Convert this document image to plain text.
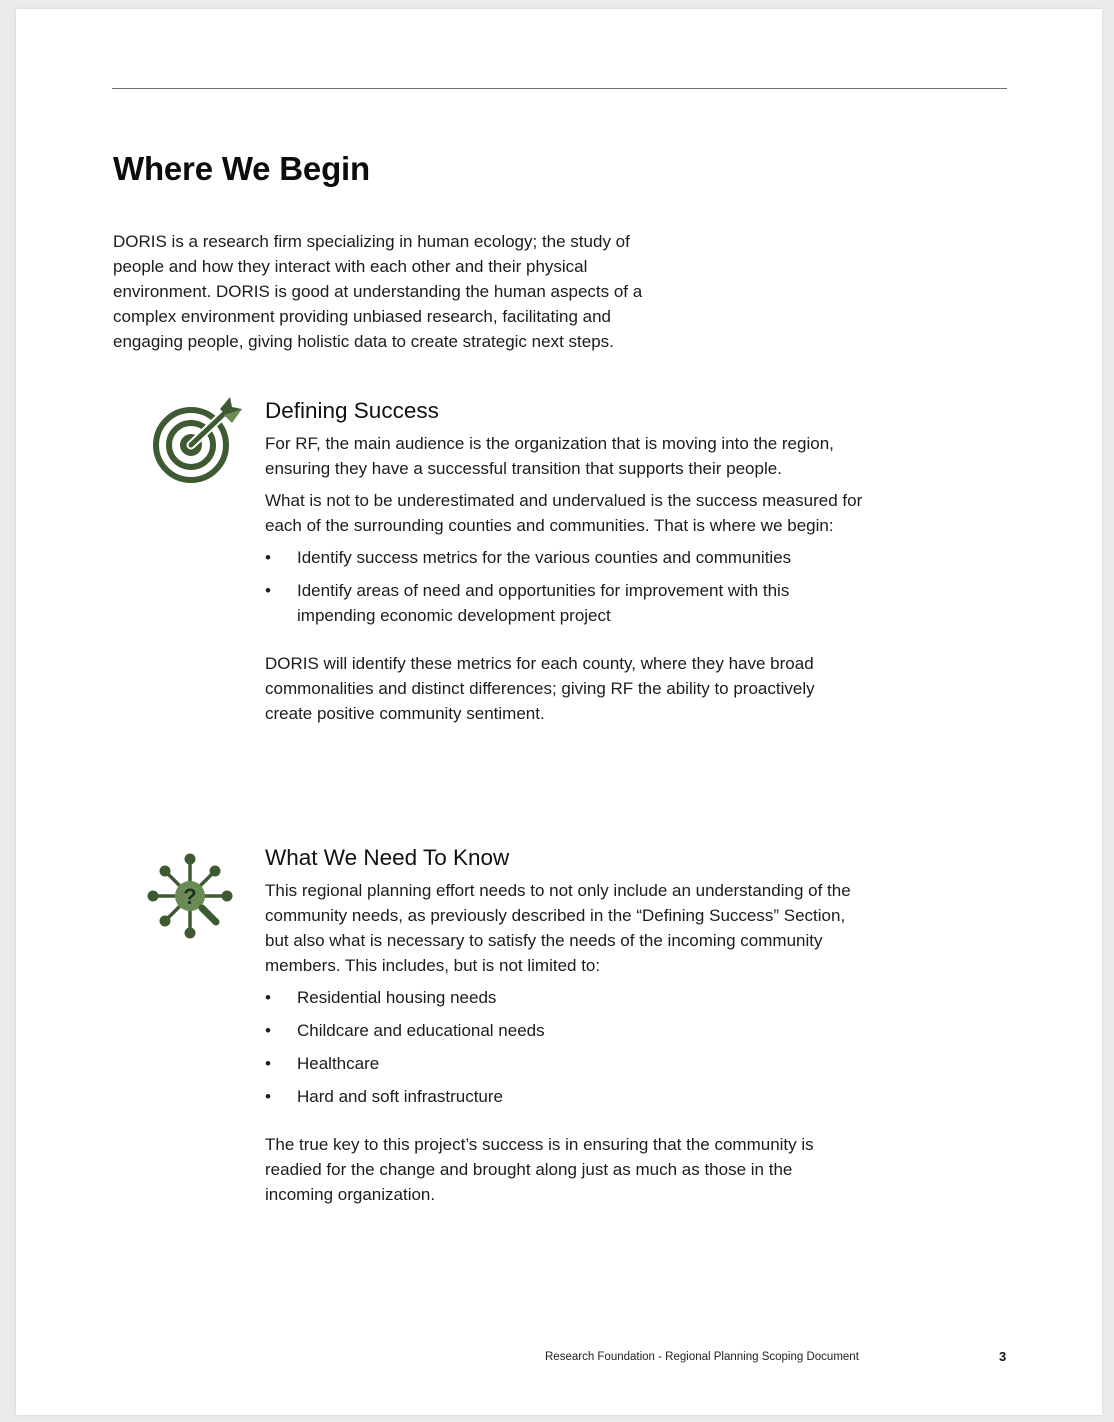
Where We Begin

DORIS is a research firm specializing in human ecology; the study of people and how they interact with each other and their physical environment. DORIS is good at understanding the human aspects of a complex environment providing unbiased research, facilitating and engaging people, giving holistic data to create strategic next steps.

Defining Success

For RF, the main audience is the organization that is moving into the region, ensuring they have a successful transition that supports their people.

What is not to be underestimated and undervalued is the success measured for each of the surrounding counties and communities. That is where we begin:

• Identify success metrics for the various counties and communities
• Identify areas of need and opportunities for improvement with this impending economic development project

DORIS will identify these metrics for each county, where they have broad commonalities and distinct differences; giving RF the ability to proactively create positive community sentiment.

?
What We Need To Know

This regional planning effort needs to not only include an understanding of the community needs, as previously described in the “Defining Success” Section, but also what is necessary to satisfy the needs of the incoming community members. This includes, but is not limited to:

• Residential housing needs
• Childcare and educational needs
• Healthcare
• Hard and soft infrastructure

The true key to this project’s success is in ensuring that the community is readied for the change and brought along just as much as those in the incoming organization.

Research Foundation - Regional Planning Scoping Document	3
